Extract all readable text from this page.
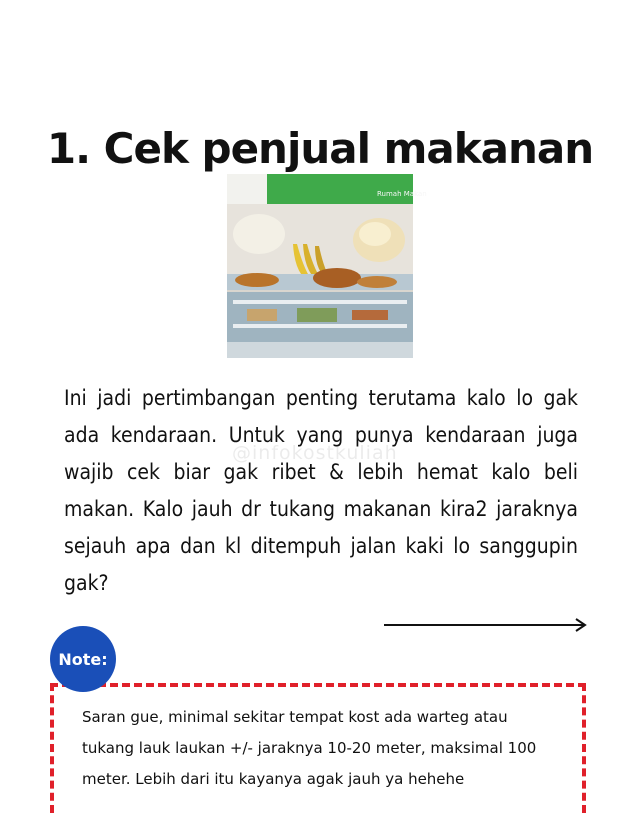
1. Cek penjual makanan
Rumah Makan

Ini jadi pertimbangan penting terutama kalo lo gak ada kendaraan. Untuk yang punya kendaraan juga wajib cek biar gak ribet & lebih hemat kalo beli makan. Kalo jauh dr tukang makanan kira2 jaraknya sejauh apa dan kl ditempuh jalan kaki lo sanggupin gak?

@infokostkuliah
Note:
Saran gue, minimal sekitar tempat kost ada warteg atau tukang lauk laukan +/- jaraknya 10-20 meter, maksimal 100 meter. Lebih dari itu kayanya agak jauh ya hehehe
